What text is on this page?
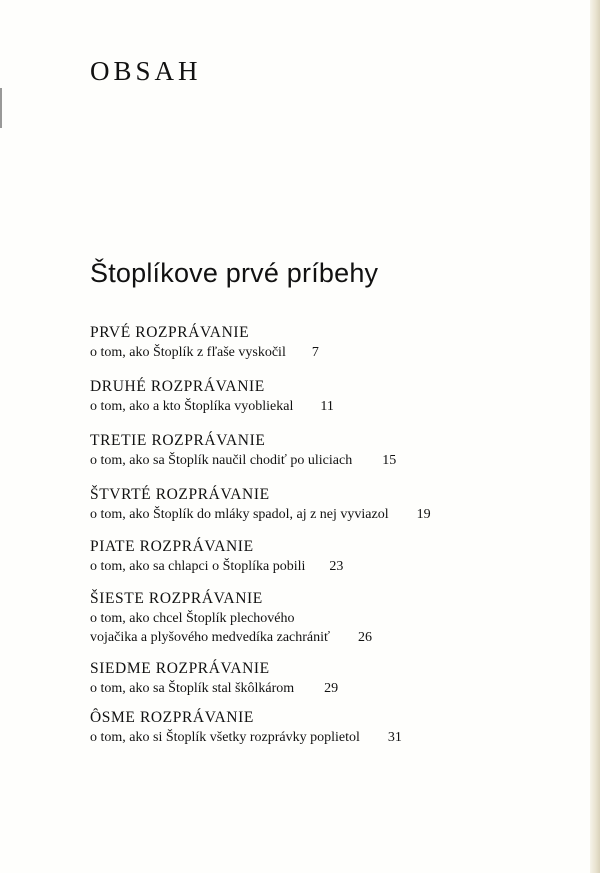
OBSAH
Štoplíkove prvé príbehy
PRVÉ ROZPRÁVANIE
o tom, ako Štoplík z fľaše vyskočil 7
DRUHÉ ROZPRÁVANIE
o tom, ako a kto Štoplíka vyobliekal 11
TRETIE ROZPRÁVANIE
o tom, ako sa Štoplík naučil chodiť po uliciach 15
ŠTVRTÉ ROZPRÁVANIE
o tom, ako Štoplík do mláky spadol, aj z nej vyviazol 19
PIATE ROZPRÁVANIE
o tom, ako sa chlapci o Štoplíka pobili 23
ŠIESTE ROZPRÁVANIE
o tom, ako chcel Štoplík plechového
vojačika a plyšového medvedíka zachrániť 26
SIEDME ROZPRÁVANIE
o tom, ako sa Štoplík stal škôlkárom 29
ÔSME ROZPRÁVANIE
o tom, ako si Štoplík všetky rozprávky poplietol 31
